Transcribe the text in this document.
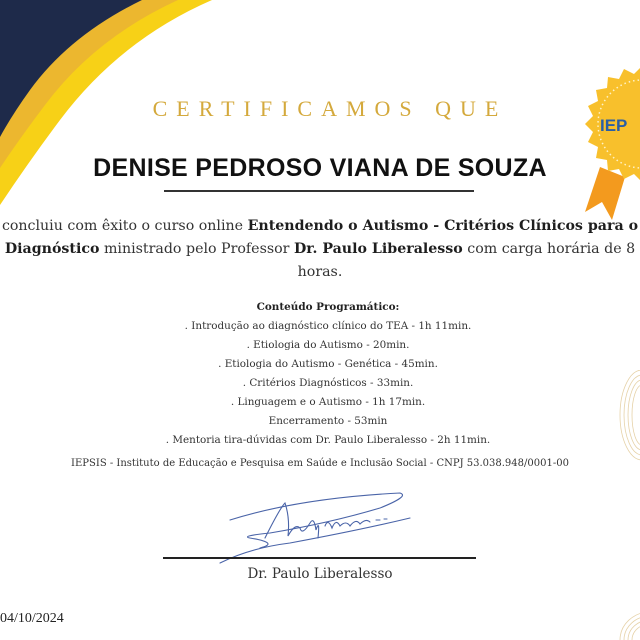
IEP
CERTIFICAMOS QUE
DENISE PEDROSO VIANA DE SOUZA
concluiu com êxito o curso online Entendendo o Autismo - Critérios Clínicos para o Diagnóstico ministrado pelo Professor Dr. Paulo Liberalesso com carga horária de 8 horas.
Conteúdo Programático:
. Introdução ao diagnóstico clínico do TEA - 1h 11min.
. Etiologia do Autismo - 20min.
. Etiologia do Autismo - Genética - 45min.
. Critérios Diagnósticos - 33min.
. Linguagem e o Autismo - 1h 17min.
Encerramento - 53min
. Mentoria tira-dúvidas com Dr. Paulo Liberalesso - 2h 11min.
IEPSIS - Instituto de Educação e Pesquisa em Saúde e Inclusão Social - CNPJ 53.038.948/0001-00
Dr. Paulo Liberalesso
04/10/2024
